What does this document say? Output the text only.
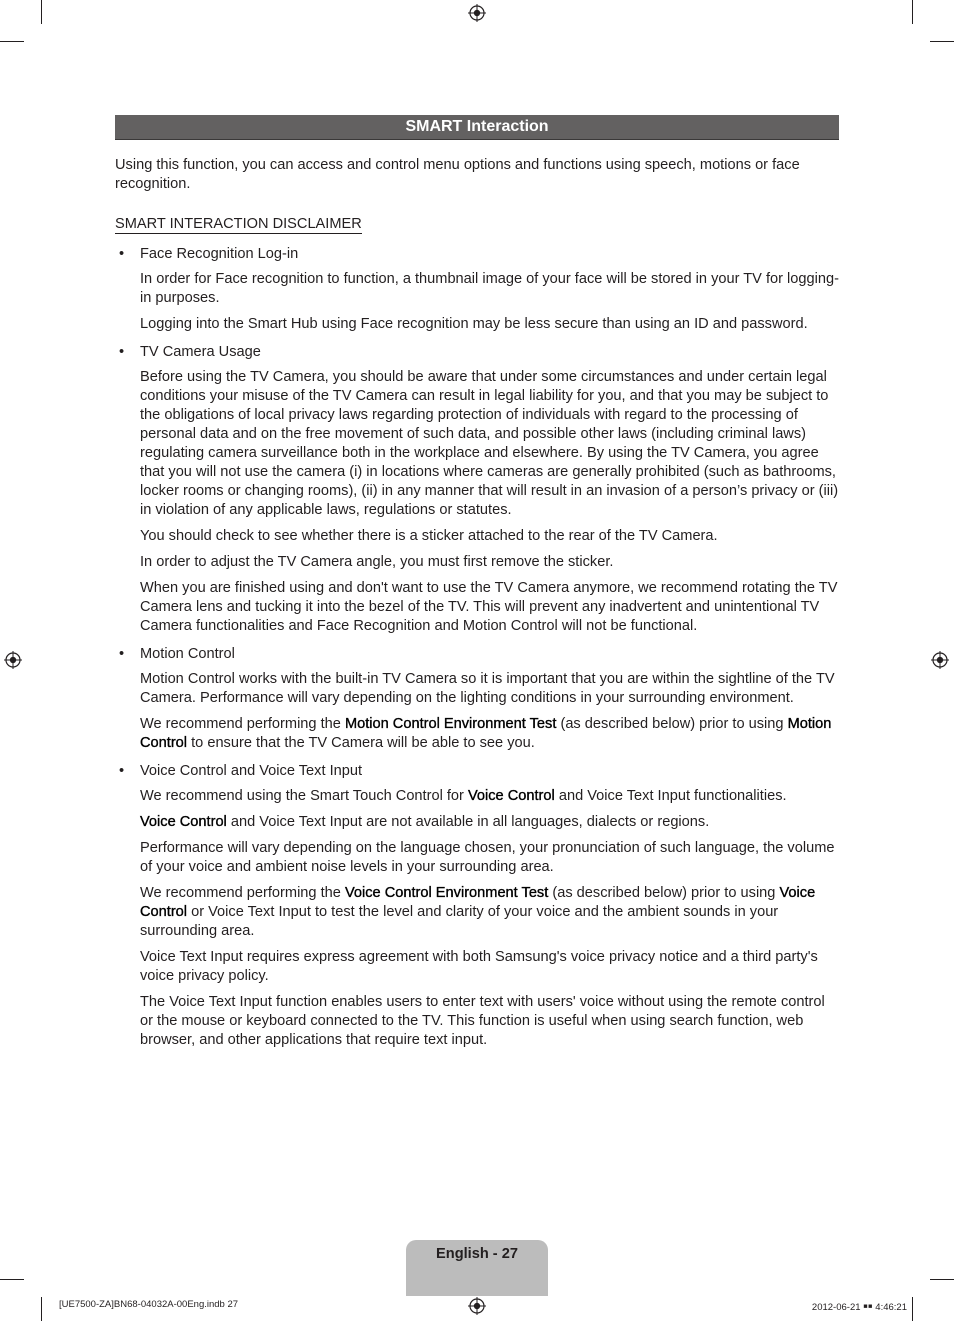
SMART Interaction

Using this function, you can access and control menu options and functions using speech, motions or face recognition.

SMART INTERACTION DISCLAIMER
• Face Recognition Log-in

In order for Face recognition to function, a thumbnail image of your face will be stored in your TV for logging-in purposes.

Logging into the Smart Hub using Face recognition may be less secure than using an ID and password.

• TV Camera Usage

Before using the TV Camera, you should be aware that under some circumstances and under certain legal conditions your misuse of the TV Camera can result in legal liability for you, and that you may be subject to the obligations of local privacy laws regarding protection of individuals with regard to the processing of personal data and on the free movement of such data, and possible other laws (including criminal laws) regulating camera surveillance both in the workplace and elsewhere. By using the TV Camera, you agree that you will not use the camera (i) in locations where cameras are generally prohibited (such as bathrooms, locker rooms or changing rooms), (ii) in any manner that will result in an invasion of a person’s privacy or (iii) in violation of any applicable laws, regulations or statutes.

You should check to see whether there is a sticker attached to the rear of the TV Camera.

In order to adjust the TV Camera angle, you must first remove the sticker.

When you are finished using and don't want to use the TV Camera anymore, we recommend rotating the TV Camera lens and tucking it into the bezel of the TV. This will prevent any inadvertent and unintentional TV Camera functionalities and Face Recognition and Motion Control will not be functional.

• Motion Control

Motion Control works with the built-in TV Camera so it is important that you are within the sightline of the TV Camera. Performance will vary depending on the lighting conditions in your surrounding environment.

We recommend performing the Motion Control Environment Test (as described below) prior to using Motion Control to ensure that the TV Camera will be able to see you.

• Voice Control and Voice Text Input

We recommend using the Smart Touch Control for Voice Control and Voice Text Input functionalities.

Voice Control and Voice Text Input are not available in all languages, dialects or regions.

Performance will vary depending on the language chosen, your pronunciation of such language, the volume of your voice and ambient noise levels in your surrounding area.

We recommend performing the Voice Control Environment Test (as described below) prior to using Voice Control or Voice Text Input to test the level and clarity of your voice and the ambient sounds in your surrounding area.

Voice Text Input requires express agreement with both Samsung's voice privacy notice and a third party's voice privacy policy.

The Voice Text Input function enables users to enter text with users' voice without using the remote control or the mouse or keyboard connected to the TV. This function is useful when using search function, web browser, and other applications that require text input.

English - 27
[UE7500-ZA]BN68-04032A-00Eng.indb 27	2012-06-21 ￭￭ 4:46:21
